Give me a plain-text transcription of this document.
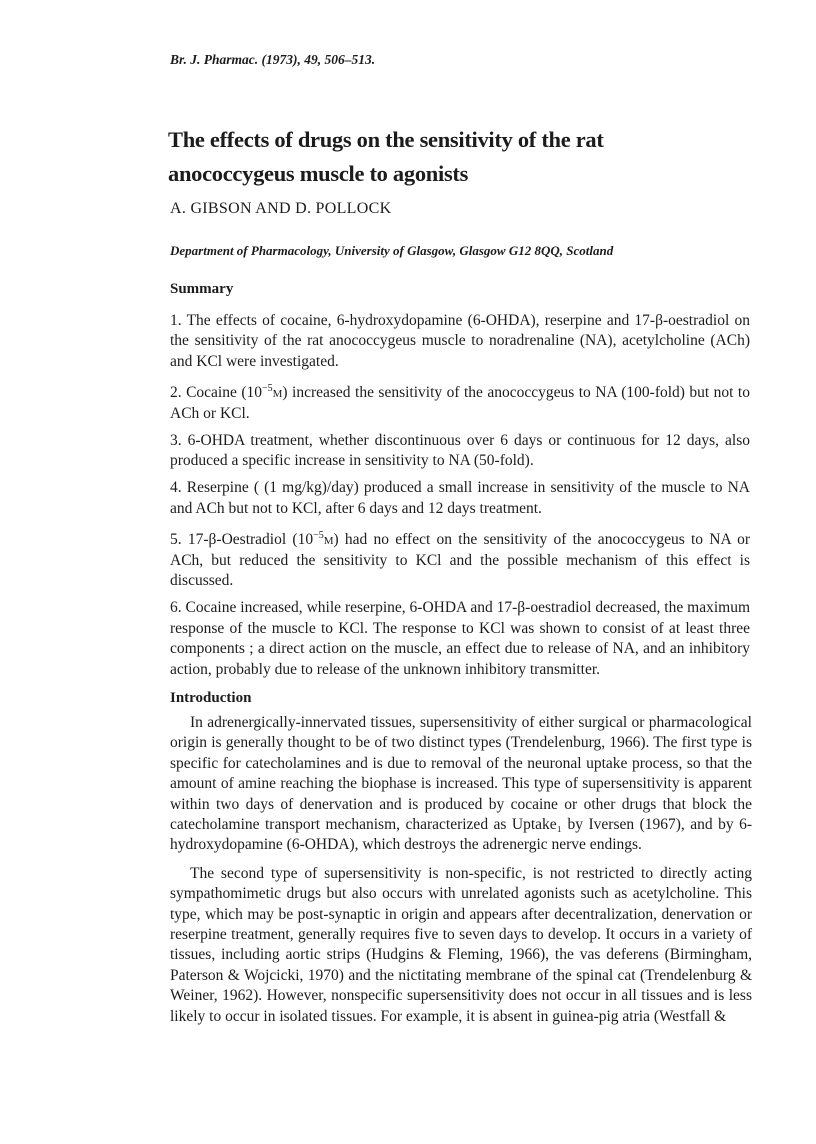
Br. J. Pharmac. (1973), 49, 506–513.
The effects of drugs on the sensitivity of the rat
anococcygeus muscle to agonists
A. GIBSON AND D. POLLOCK
Department of Pharmacology, University of Glasgow, Glasgow G12 8QQ, Scotland
Summary

1. The effects of cocaine, 6-hydroxydopamine (6-OHDA), reserpine and 17-β-oestradiol on the sensitivity of the rat anococcygeus muscle to noradrenaline (NA), acetylcholine (ACh) and KCl were investigated.

2. Cocaine $(10^{-5}M)$ increased the sensitivity of the anococcygeus to NA (100-fold) but not to ACh or KCl.

3. 6-OHDA treatment, whether discontinuous over 6 days or continuous for 12 days, also produced a specific increase in sensitivity to NA (50-fold).

4. Reserpine ( (1 mg/kg)/day) produced a small increase in sensitivity of the muscle to NA and ACh but not to KCl, after 6 days and 12 days treatment.

5. 17-β-Oestradiol $(10^{-5}M)$ had no effect on the sensitivity of the anococcygeus to NA or ACh, but reduced the sensitivity to KCl and the possible mechanism of this effect is discussed.

6. Cocaine increased, while reserpine, 6-OHDA and 17-β-oestradiol decreased, the maximum response of the muscle to KCl. The response to KCl was shown to consist of at least three components ; a direct action on the muscle, an effect due to release of NA, and an inhibitory action, probably due to release of the unknown inhibitory transmitter.

Introduction

In adrenergically-innervated tissues, supersensitivity of either surgical or pharmacological origin is generally thought to be of two distinct types (Trendelenburg, 1966). The first type is specific for catecholamines and is due to removal of the neuronal uptake process, so that the amount of amine reaching the biophase is increased. This type of supersensitivity is apparent within two days of denervation and is produced by cocaine or other drugs that block the catecholamine transport mechanism, characterized as Uptake₁ by Iversen (1967), and by 6-hydroxydopamine (6-OHDA), which destroys the adrenergic nerve endings.

The second type of supersensitivity is non-specific, is not restricted to directly acting sympathomimetic drugs but also occurs with unrelated agonists such as acetylcholine. This type, which may be post-synaptic in origin and appears after decentralization, denervation or reserpine treatment, generally requires five to seven days to develop. It occurs in a variety of tissues, including aortic strips (Hudgins & Fleming, 1966), the vas deferens (Birmingham, Paterson & Wojcicki, 1970) and the nictitating membrane of the spinal cat (Trendelenburg & Weiner, 1962). However, nonspecific supersensitivity does not occur in all tissues and is less likely to occur in isolated tissues. For example, it is absent in guinea-pig atria (Westfall &
